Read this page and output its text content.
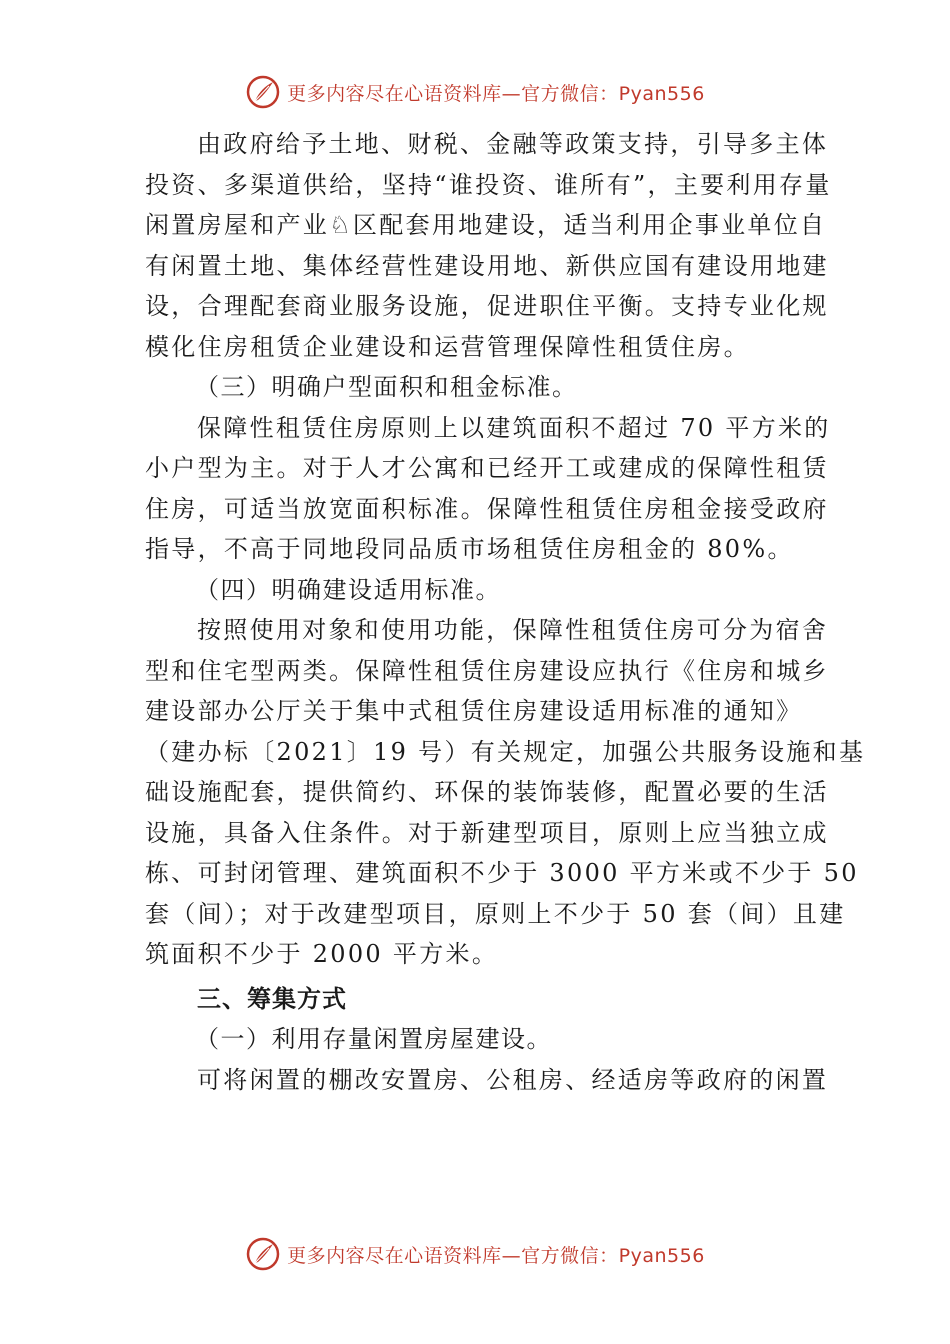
更多内容尽在心语资料库—官方微信：Pyan556
由政府给予土地、财税、金融等政策支持，引导多主体
投资、多渠道供给，坚持“谁投资、谁所有”，主要利用存量
闲置房屋和产业♘区配套用地建设，适当利用企事业单位自
有闲置土地、集体经营性建设用地、新供应国有建设用地建
设，合理配套商业服务设施，促进职住平衡。支持专业化规
模化住房租赁企业建设和运营管理保障性租赁住房。
（三）明确户型面积和租金标准。
保障性租赁住房原则上以建筑面积不超过 70 平方米的
小户型为主。对于人才公寓和已经开工或建成的保障性租赁
住房，可适当放宽面积标准。保障性租赁住房租金接受政府
指导，不高于同地段同品质市场租赁住房租金的 80%。
（四）明确建设适用标准。
按照使用对象和使用功能，保障性租赁住房可分为宿舍
型和住宅型两类。保障性租赁住房建设应执行《住房和城乡
建设部办公厅关于集中式租赁住房建设适用标准的通知》
（建办标〔2021〕19 号）有关规定，加强公共服务设施和基
础设施配套，提供简约、环保的装饰装修，配置必要的生活
设施，具备入住条件。对于新建型项目，原则上应当独立成
栋、可封闭管理、建筑面积不少于 3000 平方米或不少于 50
套（间）；对于改建型项目，原则上不少于 50 套（间）且建
筑面积不少于 2000 平方米。
三、筹集方式
（一）利用存量闲置房屋建设。
可将闲置的棚改安置房、公租房、经适房等政府的闲置
更多内容尽在心语资料库—官方微信：Pyan556
